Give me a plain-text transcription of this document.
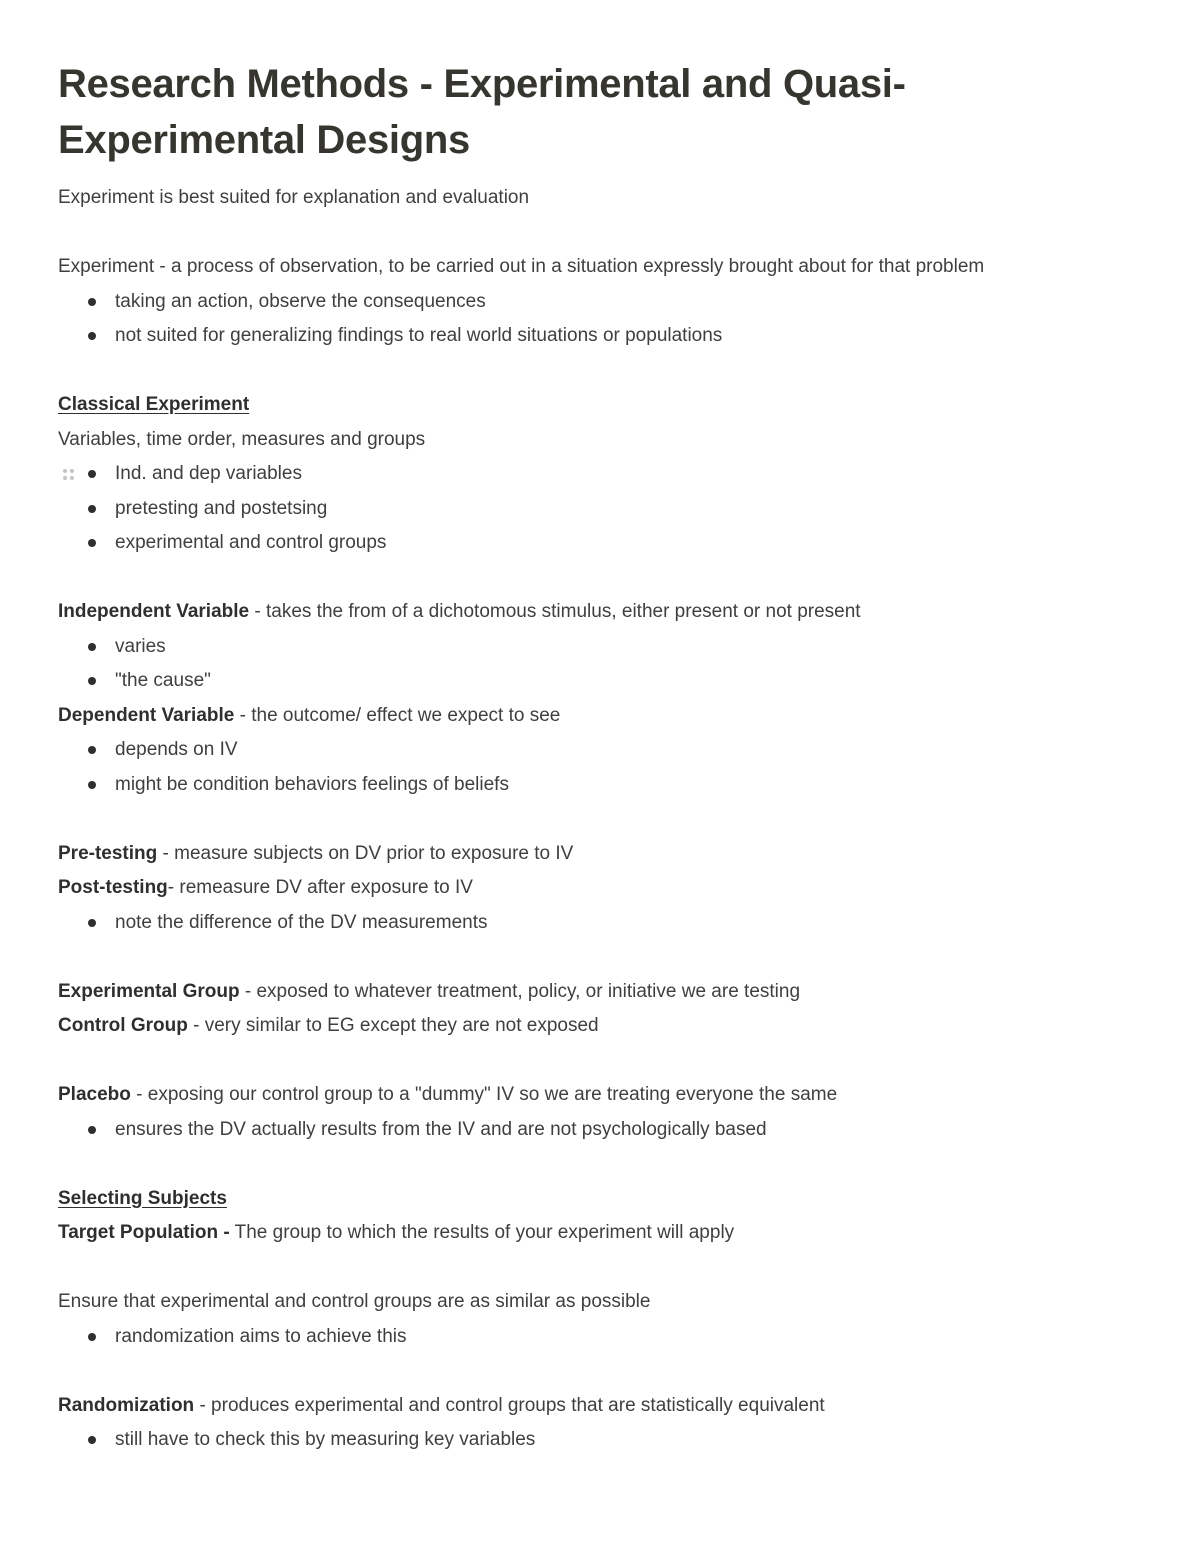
Research Methods - Experimental and Quasi-Experimental Designs
Experiment is best suited for explanation and evaluation
Experiment - a process of observation, to be carried out in a situation expressly brought about for that problem
taking an action, observe the consequences
not suited for generalizing findings to real world situations or populations
Classical Experiment
Variables, time order, measures and groups
Ind. and dep variables
pretesting and postetsing
experimental and control groups
Independent Variable - takes the from of a dichotomous stimulus, either present or not present
varies
"the cause"
Dependent Variable - the outcome/ effect we expect to see
depends on IV
might be condition behaviors feelings of beliefs
Pre-testing - measure subjects on DV prior to exposure to IV
Post-testing- remeasure DV after exposure to IV
note the difference of the DV measurements
Experimental Group - exposed to whatever treatment, policy, or initiative we are testing
Control Group - very similar to EG except they are not exposed
Placebo - exposing our control group to a "dummy" IV so we are treating everyone the same
ensures the DV actually results from the IV and are not psychologically based
Selecting Subjects
Target Population - The group to which the results of your experiment will apply
Ensure that experimental and control groups are as similar as possible
randomization aims to achieve this
Randomization - produces experimental and control groups that are statistically equivalent
still have to check this by measuring key variables
